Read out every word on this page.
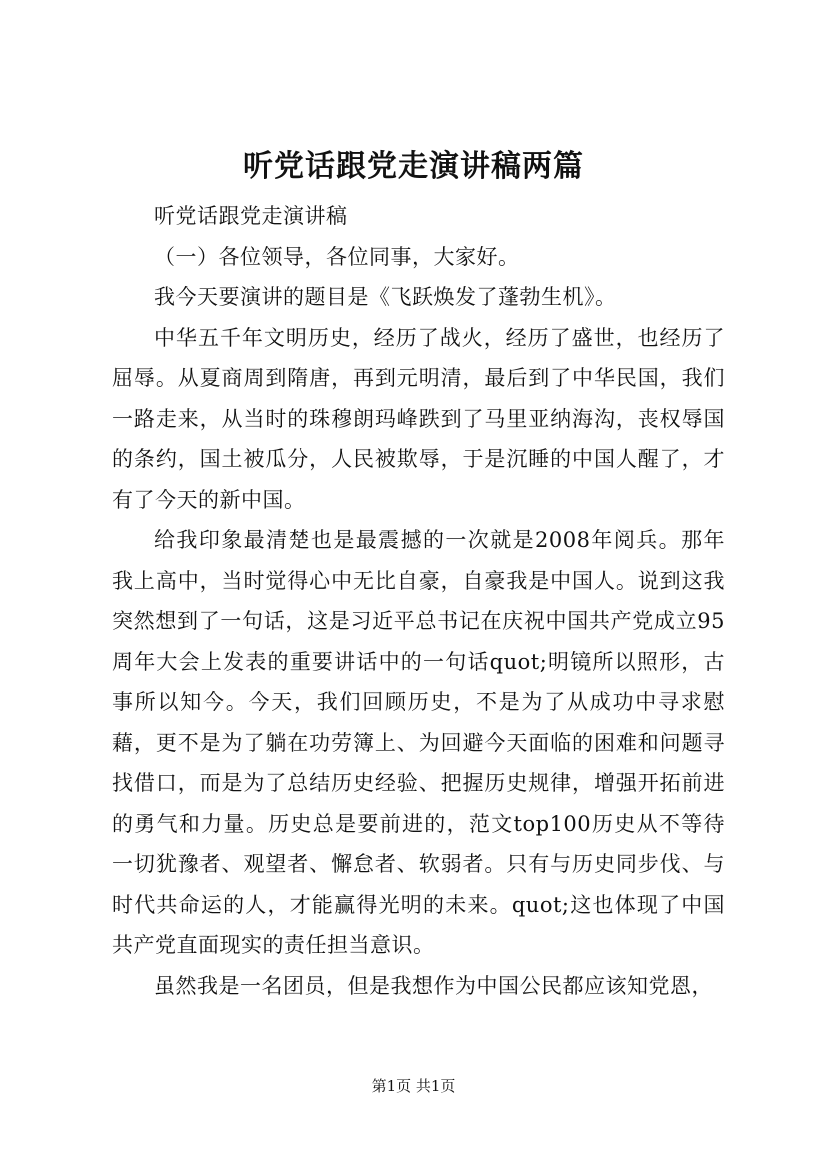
听党话跟党走演讲稿两篇

听党话跟党走演讲稿

（一）各位领导，各位同事，大家好。

我今天要演讲的题目是《飞跃焕发了蓬勃生机》。

中华五千年文明历史，经历了战火，经历了盛世，也经历了屈辱。从夏商周到隋唐，再到元明清，最后到了中华民国，我们一路走来，从当时的珠穆朗玛峰跌到了马里亚纳海沟，丧权辱国的条约，国土被瓜分，人民被欺辱，于是沉睡的中国人醒了，才有了今天的新中国。

给我印象最清楚也是最震撼的一次就是2008年阅兵。那年我上高中，当时觉得心中无比自豪，自豪我是中国人。说到这我突然想到了一句话，这是习近平总书记在庆祝中国共产党成立95周年大会上发表的重要讲话中的一句话quot;明镜所以照形，古事所以知今。今天，我们回顾历史，不是为了从成功中寻求慰藉，更不是为了躺在功劳簿上、为回避今天面临的困难和问题寻找借口，而是为了总结历史经验、把握历史规律，增强开拓前进的勇气和力量。历史总是要前进的，范文top100历史从不等待一切犹豫者、观望者、懈怠者、软弱者。只有与历史同步伐、与时代共命运的人，才能赢得光明的未来。quot;这也体现了中国共产党直面现实的责任担当意识。

虽然我是一名团员，但是我想作为中国公民都应该知党恩，

第1页 共1页
